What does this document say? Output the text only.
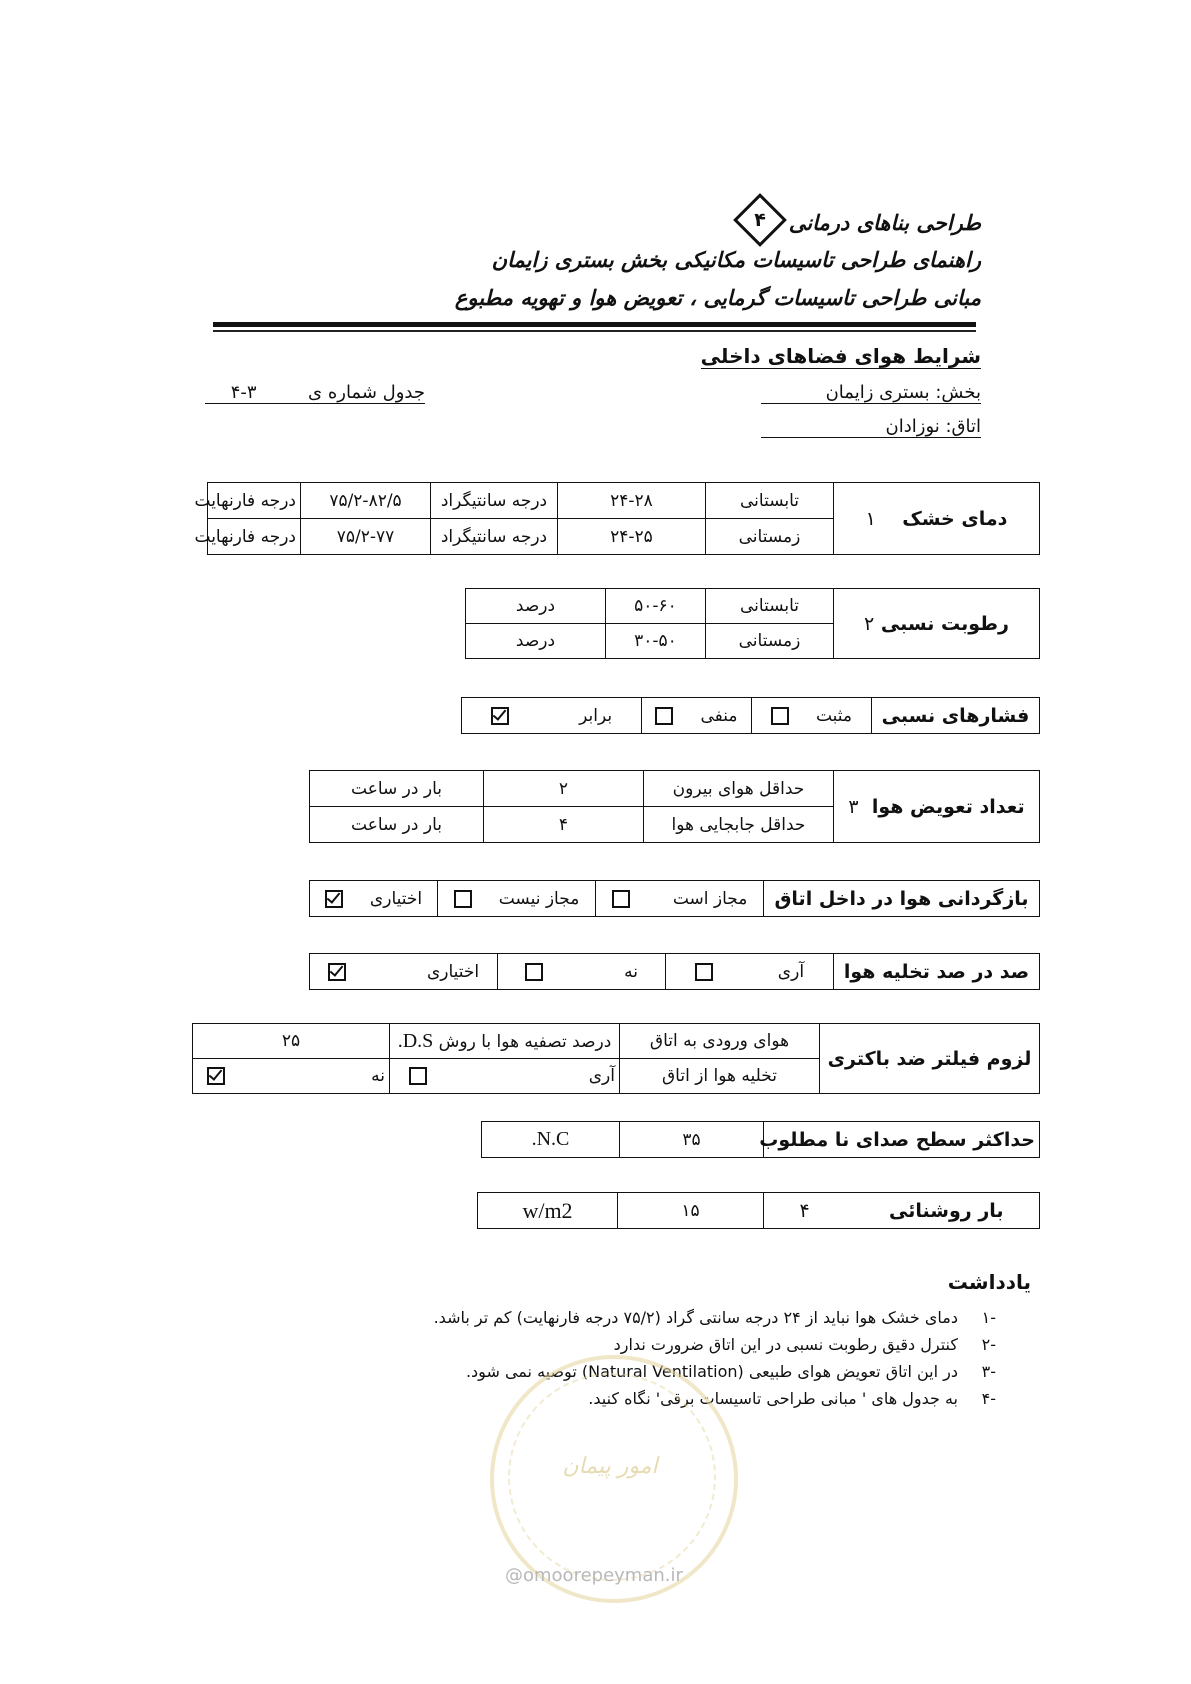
طراحی بناهای درمانی
۴
راهنمای طراحی تاسیسات مکانیکی بخش بستری زایمان
مبانی طراحی تاسیسات گرمایی ، تعویض هوا و تهویه مطبوع
شرایط هوای فضاهای داخلی
بخش: بستری زایمان
اتاق: نوزادان
جدول شماره ی  ۳-۴
دمای خشک    ۱	تابستانی	۲۴-۲۸	درجه سانتیگراد	۷۵/۲-۸۲/۵	درجه فارنهایت
	زمستانی	۲۴-۲۵	درجه سانتیگراد	۷۵/۲-۷۷	درجه فارنهایت
رطوبت نسبی ۲	تابستانی	۵۰-۶۰	درصد
	زمستانی	۳۰-۵۰	درصد
فشارهای نسبی	مثبت	منفی	برابر
تعداد تعویض هوا  ۳	حداقل هوای بیرون	۲	بار در ساعت
	حداقل جابجایی هوا	۴	بار در ساعت
بازگردانی هوا در داخل اتاق	مجاز است	مجاز نیست	اختیاری
صد در صد تخلیه هوا	آری	نه	اختیاری
لزوم فیلتر ضد باکتری	هوای ورودی به اتاق	درصد تصفیه هوا با روش D.S.	۲۵
	تخلیه هوا از اتاق	آری	نه
حداکثر سطح صدای نا مطلوب	۳۵	N.C.
بار روشنائی            ۴	۱۵	w/m2
یادداشت
-۱دمای خشک هوا نباید از ۲۴ درجه سانتی گراد (۷۵/۲ درجه فارنهایت) کم تر باشد.
-۲کنترل دقیق رطوبت نسبی در این اتاق ضرورت ندارد
-۳در این اتاق تعویض هوای طبیعی (Natural Ventilation) توصیه نمی شود.
-۴به جدول های ' مبانی طراحی تاسیسات برقی' نگاه کنید.
امور پیمان
@omoorepeyman.ir
